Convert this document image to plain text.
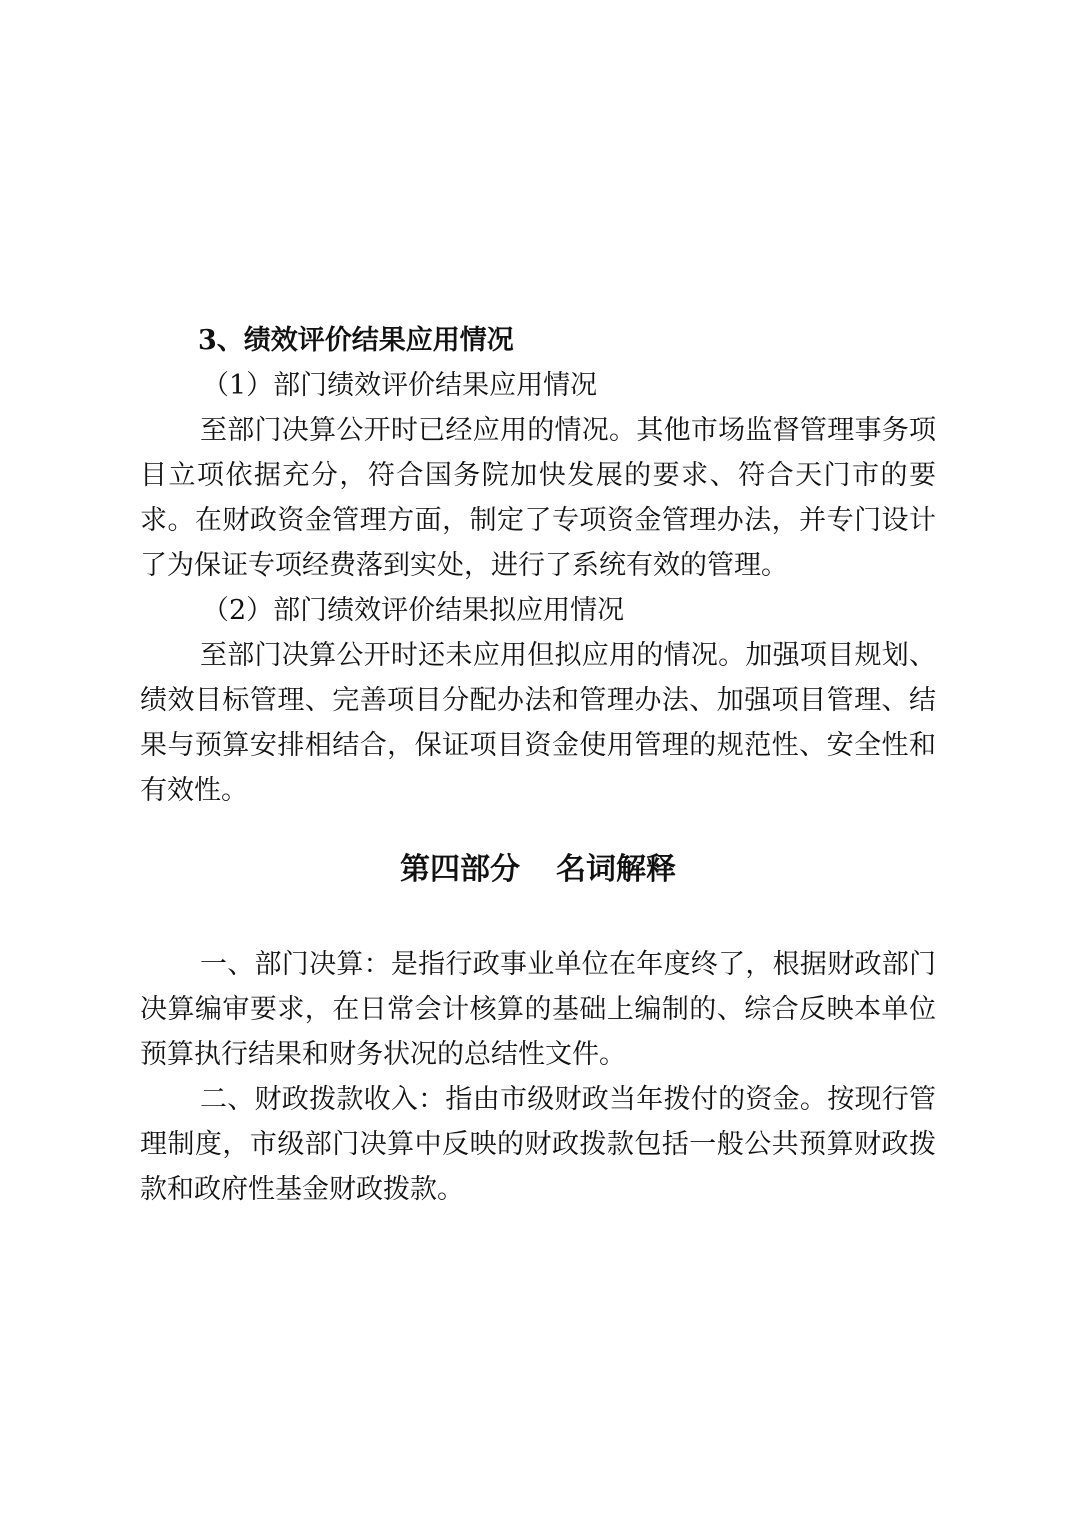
3、绩效评价结果应用情况

（1）部门绩效评价结果应用情况

至部门决算公开时已经应用的情况。其他市场监督管理事务项目立项依据充分，符合国务院加快发展的要求、符合天门市的要求。在财政资金管理方面，制定了专项资金管理办法，并专门设计了为保证专项经费落到实处，进行了系统有效的管理。

（2）部门绩效评价结果拟应用情况

至部门决算公开时还未应用但拟应用的情况。加强项目规划、绩效目标管理、完善项目分配办法和管理办法、加强项目管理、结果与预算安排相结合，保证项目资金使用管理的规范性、安全性和有效性。

第四部分 名词解释

一、部门决算：是指行政事业单位在年度终了，根据财政部门决算编审要求，在日常会计核算的基础上编制的、综合反映本单位预算执行结果和财务状况的总结性文件。

二、财政拨款收入：指由市级财政当年拨付的资金。按现行管理制度，市级部门决算中反映的财政拨款包括一般公共预算财政拨款和政府性基金财政拨款。
